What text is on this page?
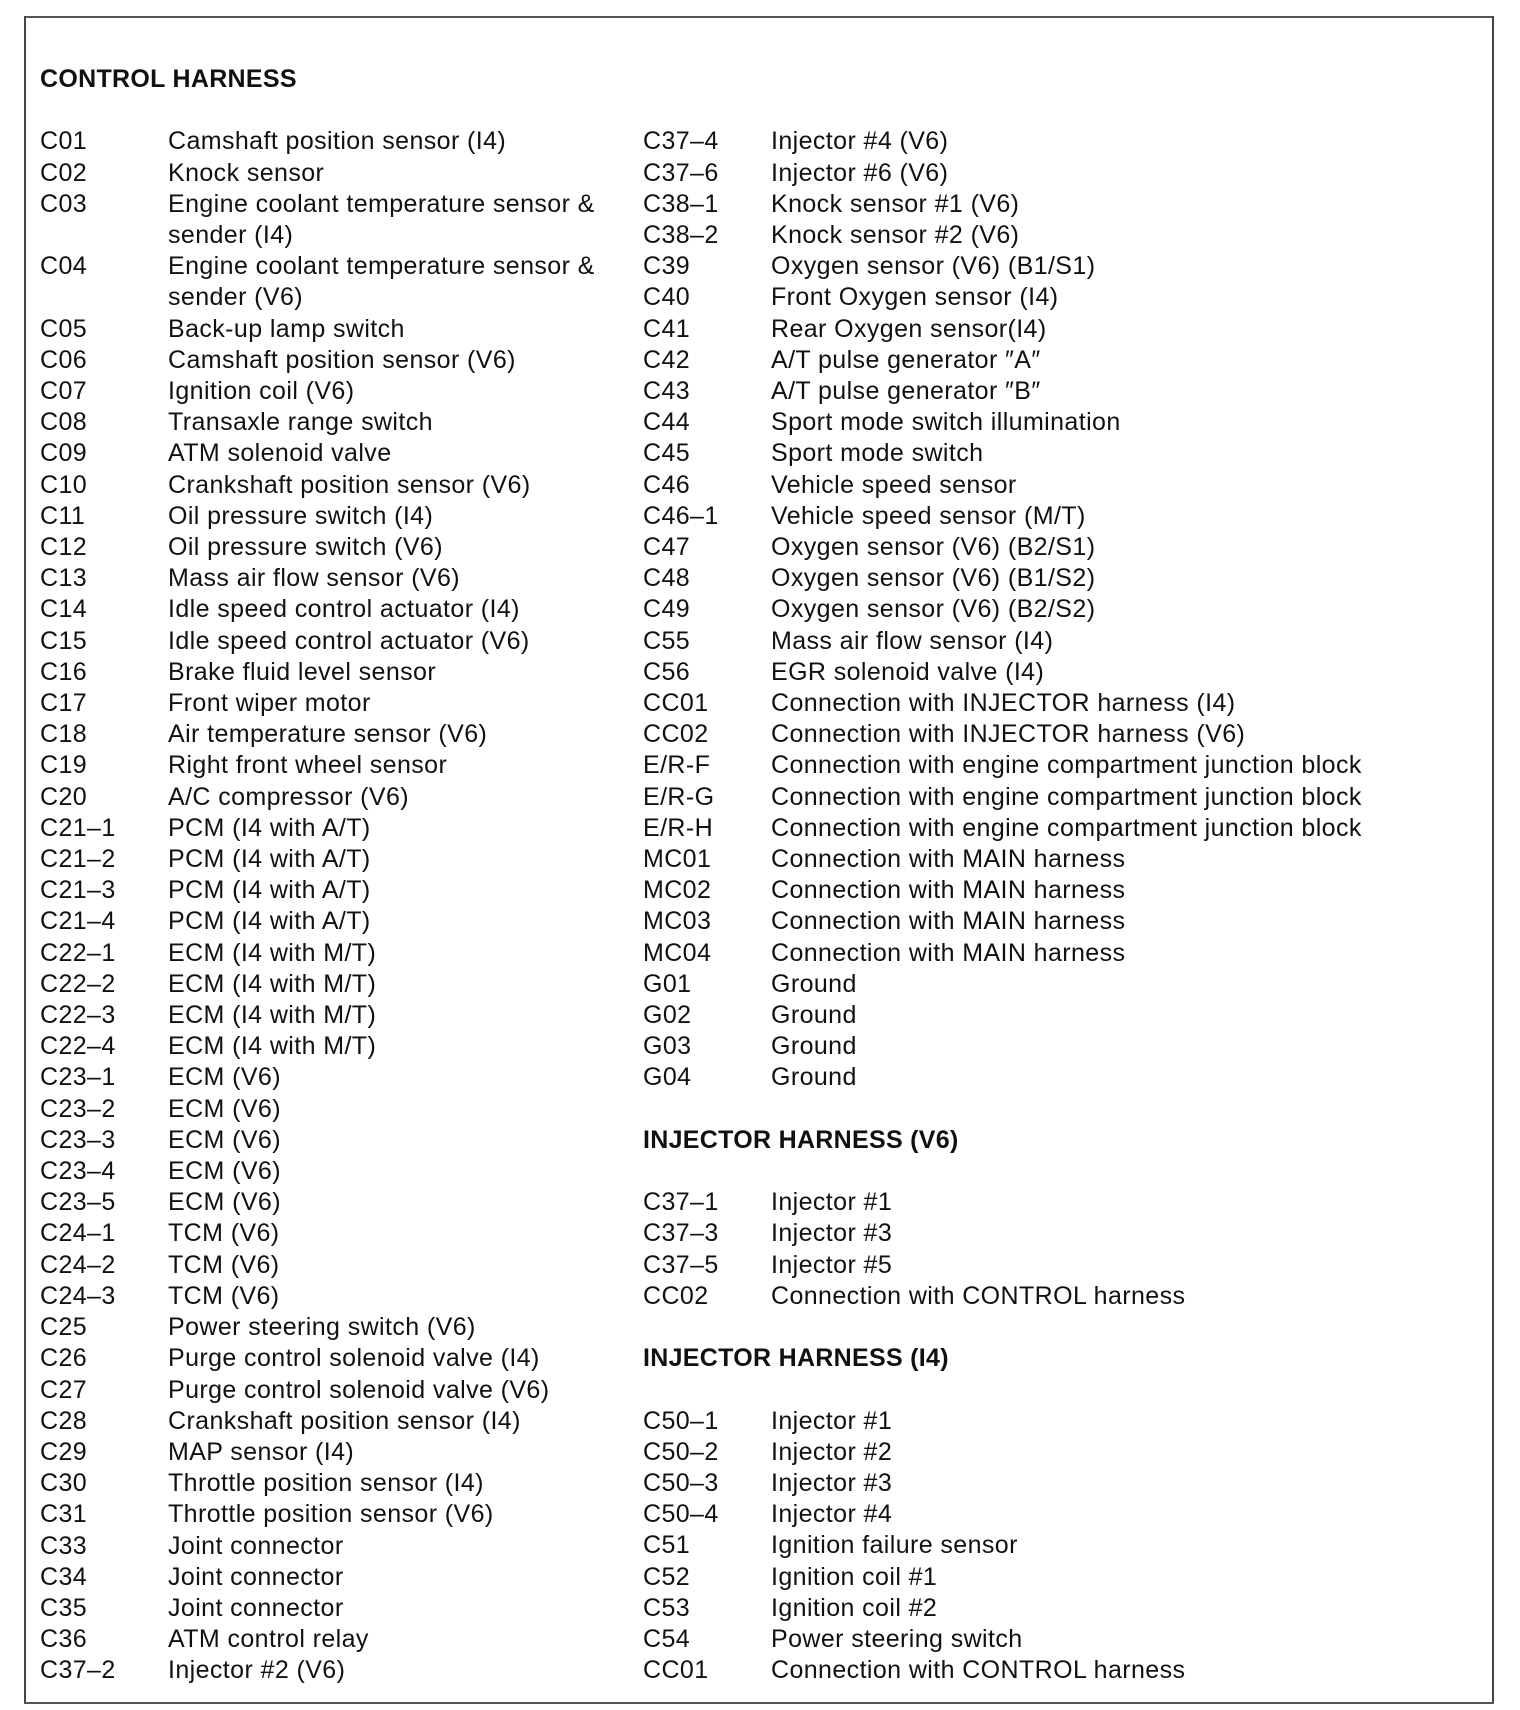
CONTROL HARNESS
C01	Camshaft position sensor (I4)
C02	Knock sensor
C03	Engine coolant temperature sensor & sender (I4)
C04	Engine coolant temperature sensor & sender (V6)
C05	Back-up lamp switch
C06	Camshaft position sensor (V6)
C07	Ignition coil (V6)
C08	Transaxle range switch
C09	ATM solenoid valve
C10	Crankshaft position sensor (V6)
C11	Oil pressure switch (I4)
C12	Oil pressure switch (V6)
C13	Mass air flow sensor (V6)
C14	Idle speed control actuator (I4)
C15	Idle speed control actuator (V6)
C16	Brake fluid level sensor
C17	Front wiper motor
C18	Air temperature sensor (V6)
C19	Right front wheel sensor
C20	A/C compressor (V6)
C21–1	PCM (I4 with A/T)
C21–2	PCM (I4 with A/T)
C21–3	PCM (I4 with A/T)
C21–4	PCM (I4 with A/T)
C22–1	ECM (I4 with M/T)
C22–2	ECM (I4 with M/T)
C22–3	ECM (I4 with M/T)
C22–4	ECM (I4 with M/T)
C23–1	ECM (V6)
C23–2	ECM (V6)
C23–3	ECM (V6)
C23–4	ECM (V6)
C23–5	ECM (V6)
C24–1	TCM (V6)
C24–2	TCM (V6)
C24–3	TCM (V6)
C25	Power steering switch (V6)
C26	Purge control solenoid valve (I4)
C27	Purge control solenoid valve (V6)
C28	Crankshaft position sensor (I4)
C29	MAP sensor (I4)
C30	Throttle position sensor (I4)
C31	Throttle position sensor (V6)
C33	Joint connector
C34	Joint connector
C35	Joint connector
C36	ATM control relay
C37–2	Injector #2 (V6)
C37–4	Injector #4 (V6)
C37–6	Injector #6 (V6)
C38–1	Knock sensor #1 (V6)
C38–2	Knock sensor #2 (V6)
C39	Oxygen sensor (V6) (B1/S1)
C40	Front Oxygen sensor (I4)
C41	Rear Oxygen sensor(I4)
C42	A/T pulse generator ″A″
C43	A/T pulse generator ″B″
C44	Sport mode switch illumination
C45	Sport mode switch
C46	Vehicle speed sensor
C46–1	Vehicle speed sensor (M/T)
C47	Oxygen sensor (V6) (B2/S1)
C48	Oxygen sensor (V6) (B1/S2)
C49	Oxygen sensor (V6) (B2/S2)
C55	Mass air flow sensor (I4)
C56	EGR solenoid valve (I4)
CC01	Connection with INJECTOR harness (I4)
CC02	Connection with INJECTOR harness (V6)
E/R-F	Connection with engine compartment junction block
E/R-G	Connection with engine compartment junction block
E/R-H	Connection with engine compartment junction block
MC01	Connection with MAIN harness
MC02	Connection with MAIN harness
MC03	Connection with MAIN harness
MC04	Connection with MAIN harness
G01	Ground
G02	Ground
G03	Ground
G04	Ground
INJECTOR HARNESS (V6)
C37–1	Injector #1
C37–3	Injector #3
C37–5	Injector #5
CC02	Connection with CONTROL harness
INJECTOR HARNESS (I4)
C50–1	Injector #1
C50–2	Injector #2
C50–3	Injector #3
C50–4	Injector #4
C51	Ignition failure sensor
C52	Ignition coil #1
C53	Ignition coil #2
C54	Power steering switch
CC01	Connection with CONTROL harness
